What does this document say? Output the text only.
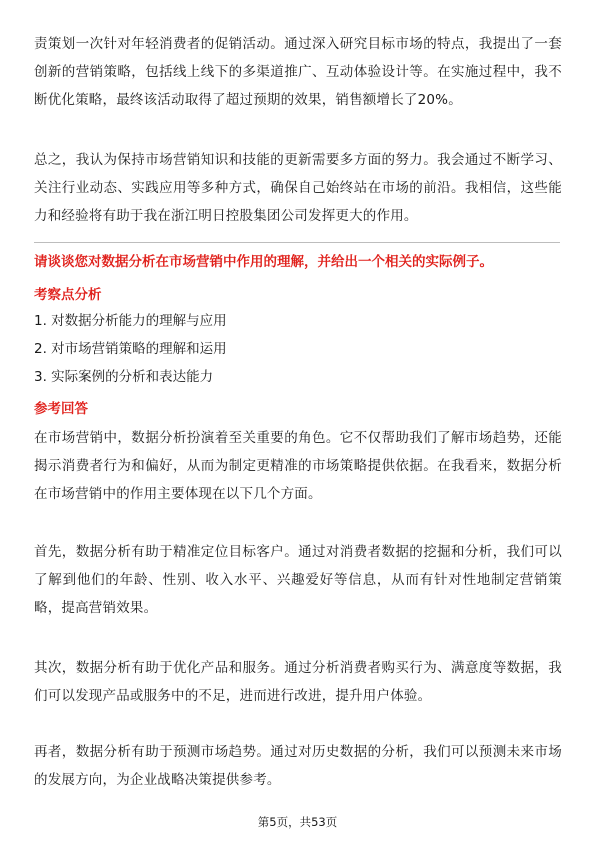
责策划一次针对年轻消费者的促销活动。通过深入研究目标市场的特点，我提出了一套创新的营销策略，包括线上线下的多渠道推广、互动体验设计等。在实施过程中，我不断优化策略，最终该活动取得了超过预期的效果，销售额增长了20%。

总之，我认为保持市场营销知识和技能的更新需要多方面的努力。我会通过不断学习、关注行业动态、实践应用等多种方式，确保自己始终站在市场的前沿。我相信，这些能力和经验将有助于我在浙江明日控股集团公司发挥更大的作用。

请谈谈您对数据分析在市场营销中作用的理解，并给出一个相关的实际例子。

考察点分析

1. 对数据分析能力的理解与应用

2. 对市场营销策略的理解和运用

3. 实际案例的分析和表达能力

参考回答

在市场营销中，数据分析扮演着至关重要的角色。它不仅帮助我们了解市场趋势，还能揭示消费者行为和偏好，从而为制定更精准的市场策略提供依据。在我看来，数据分析在市场营销中的作用主要体现在以下几个方面。

首先，数据分析有助于精准定位目标客户。通过对消费者数据的挖掘和分析，我们可以了解到他们的年龄、性别、收入水平、兴趣爱好等信息，从而有针对性地制定营销策略，提高营销效果。

其次，数据分析有助于优化产品和服务。通过分析消费者购买行为、满意度等数据，我们可以发现产品或服务中的不足，进而进行改进，提升用户体验。

再者，数据分析有助于预测市场趋势。通过对历史数据的分析，我们可以预测未来市场的发展方向，为企业战略决策提供参考。

第5页，共53页
